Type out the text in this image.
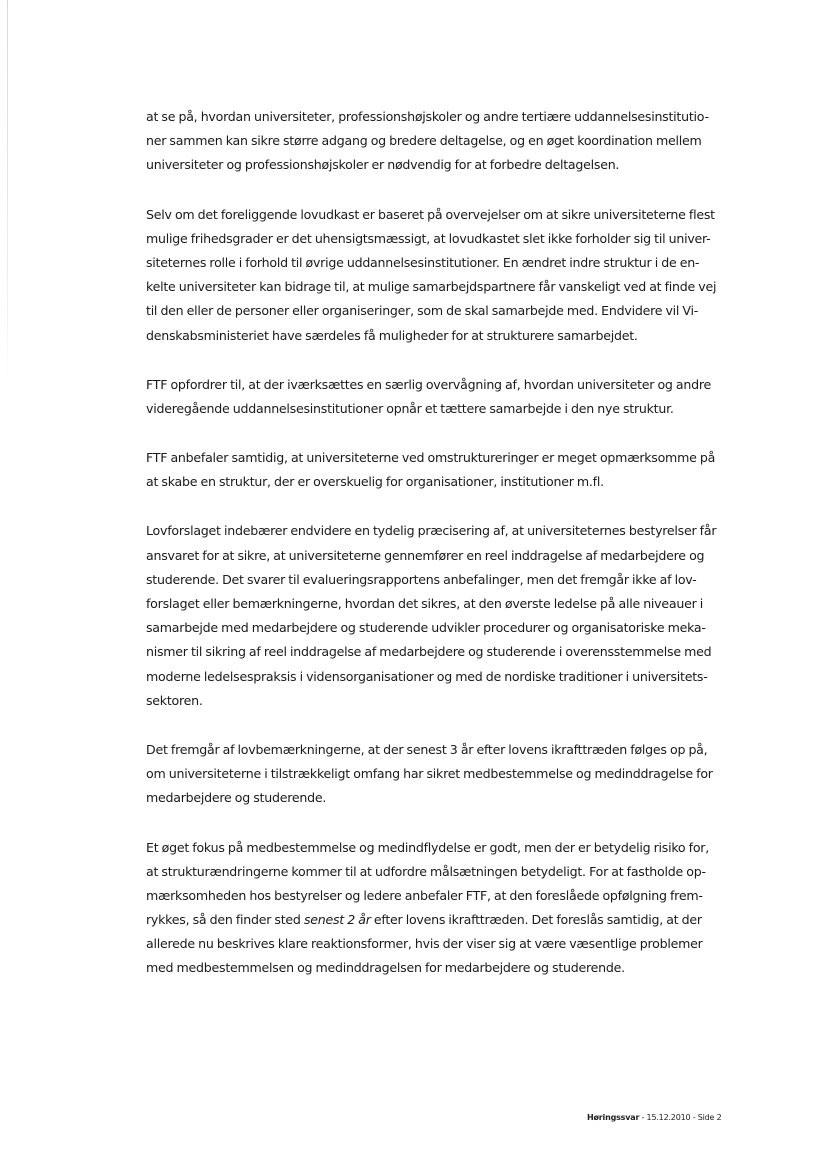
at se på, hvordan universiteter, professionshøjskoler og andre tertiære uddannelsesinstitutio-
ner sammen kan sikre større adgang og bredere deltagelse, og en øget koordination mellem
universiteter og professionshøjskoler er nødvendig for at forbedre deltagelsen.

Selv om det foreliggende lovudkast er baseret på overvejelser om at sikre universiteterne flest
mulige frihedsgrader er det uhensigtsmæssigt, at lovudkastet slet ikke forholder sig til univer-
siteternes rolle i forhold til øvrige uddannelsesinstitutioner. En ændret indre struktur i de en-
kelte universiteter kan bidrage til, at mulige samarbejdspartnere får vanskeligt ved at finde vej
til den eller de personer eller organiseringer, som de skal samarbejde med. Endvidere vil Vi-
denskabsministeriet have særdeles få muligheder for at strukturere samarbejdet.

FTF opfordrer til, at der iværksættes en særlig overvågning af, hvordan universiteter og andre
videregående uddannelsesinstitutioner opnår et tættere samarbejde i den nye struktur.

FTF anbefaler samtidig, at universiteterne ved omstruktureringer er meget opmærksomme på
at skabe en struktur, der er overskuelig for organisationer, institutioner m.fl.

Lovforslaget indebærer endvidere en tydelig præcisering af, at universiteternes bestyrelser får
ansvaret for at sikre, at universiteterne gennemfører en reel inddragelse af medarbejdere og
studerende. Det svarer til evalueringsrapportens anbefalinger, men det fremgår ikke af lov-
forslaget eller bemærkningerne, hvordan det sikres, at den øverste ledelse på alle niveauer i
samarbejde med medarbejdere og studerende udvikler procedurer og organisatoriske meka-
nismer til sikring af reel inddragelse af medarbejdere og studerende i overensstemmelse med
moderne ledelsespraksis i vidensorganisationer og med de nordiske traditioner i universitets-
sektoren.

Det fremgår af lovbemærkningerne, at der senest 3 år efter lovens ikrafttræden følges op på,
om universiteterne i tilstrækkeligt omfang har sikret medbestemmelse og medinddragelse for
medarbejdere og studerende.

Et øget fokus på medbestemmelse og medindflydelse er godt, men der er betydelig risiko for,
at strukturændringerne kommer til at udfordre målsætningen betydeligt. For at fastholde op-
mærksomheden hos bestyrelser og ledere anbefaler FTF, at den foreslåede opfølgning frem-
rykkes, så den finder sted senest 2 år efter lovens ikrafttræden. Det foreslås samtidig, at der
allerede nu beskrives klare reaktionsformer, hvis der viser sig at være væsentlige problemer
med medbestemmelsen og medinddragelsen for medarbejdere og studerende.

Høringssvar - 15.12.2010 - Side 2
